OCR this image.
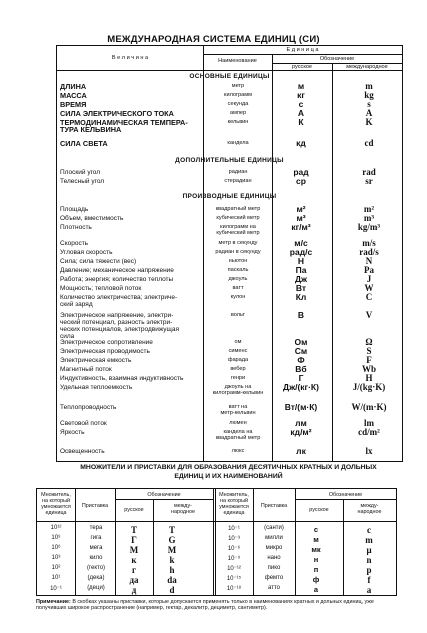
МЕЖДУНАРОДНАЯ СИСТЕМА ЕДИНИЦ (СИ)
В е л и ч и н а
Е д и н и ц а
Наименование	Обозначение
русское	международное
ОСНОВНЫЕ ЕДИНИЦЫ
ДЛИНА	метр	м	m
МАССА	килограмм	кг	kg
ВРЕМЯ	секунда	с	s
СИЛА ЭЛЕКТРИЧЕСКОГО ТОКА	ампер	А	A
ТЕРМОДИНАМИЧЕСКАЯ ТЕМПЕРА-
ТУРА КЕЛЬВИНА
кельвин	К	K
СИЛА СВЕТА	кандела	кд	cd
ДОПОЛНИТЕЛЬНЫЕ ЕДИНИЦЫ
Плоский угол	радиан	рад	rad
Телесный угол	стерадиан	ср	sr
ПРОИЗВОДНЫЕ ЕДИНИЦЫ
Площадь	квадратный метр	м²	m²
Объем, вместимость	кубический метр	м³	m³
Плотность	килограмм на
кубический метр
кг/м³	kg/m³
Скорость	метр в секунду	м/с	m/s
Угловая скорость	радиан в секунду	рад/с	rad/s
Сила; сила тяжести (вес)	ньютон	Н	N
Давление; механическое напряжение	паскаль	Па	Pa
Работа; энергия; количество теплоты	джоуль	Дж	J
Мощность; тепловой поток	ватт	Вт	W
Количество электричества; электриче-
ский заряд
кулон	Кл	C
Электрическое напряжение, электри-
ческий потенциал, разность электри-
ческих потенциалов, электродвижущая
сила
вольт	В	V
Электрическое сопротивление	ом	Ом	Ω
Электрическая проводимость	сименс	См	S
Электрическая емкость	фарада	Ф	F
Магнитный поток	вебер	Вб	Wb
Индуктивность, взаимная индуктивность	генри	Г	H
Удельная теплоемкость	джоуль на
килограмм-кельвин
Дж/(кг·К)	J/(kg·K)
Теплопроводность	ватт на
метр-кельвин
Вт/(м·К)	W/(m·K)
Световой поток	люмен	лм	lm
Яркость	кандела на
квадратный метр
кд/м²	cd/m²
Освещенность	люкс	лк	lx
МНОЖИТЕЛИ И ПРИСТАВКИ ДЛЯ ОБРАЗОВАНИЯ ДЕСЯТИЧНЫХ КРАТНЫХ И ДОЛЬНЫХ
ЕДИНИЦ И ИХ НАИМЕНОВАНИЙ
Множитель,
на который
умножается
единица
Приставка
Обозначение
русское
между-
народное
Множитель,
на который
умножается
единица
Приставка
Обозначение
русское
между-
народное
10¹²	тера	Т	T	10⁻¹	(санти)	с	c
10⁹	гига	Г	G	10⁻³	милли	м	m
10⁶	мега	М	M	10⁻⁶	микро	мк	μ
10³	кило	к	k	10⁻⁹	нано	н	n
10²	(гекто)	г	h	10⁻¹²	пико	п	p
10¹	(дека)	да	da	10⁻¹⁵	фемто	ф	f
10⁻¹	(деци)	д	d	10⁻¹⁸	атто	а	a
Примечание: В скобках указаны приставки, которые допускается применять только в наименованиях кратных и дольных единиц, уже получивших широкое распространение (например, гектар, декалитр, дециметр, сантиметр).
